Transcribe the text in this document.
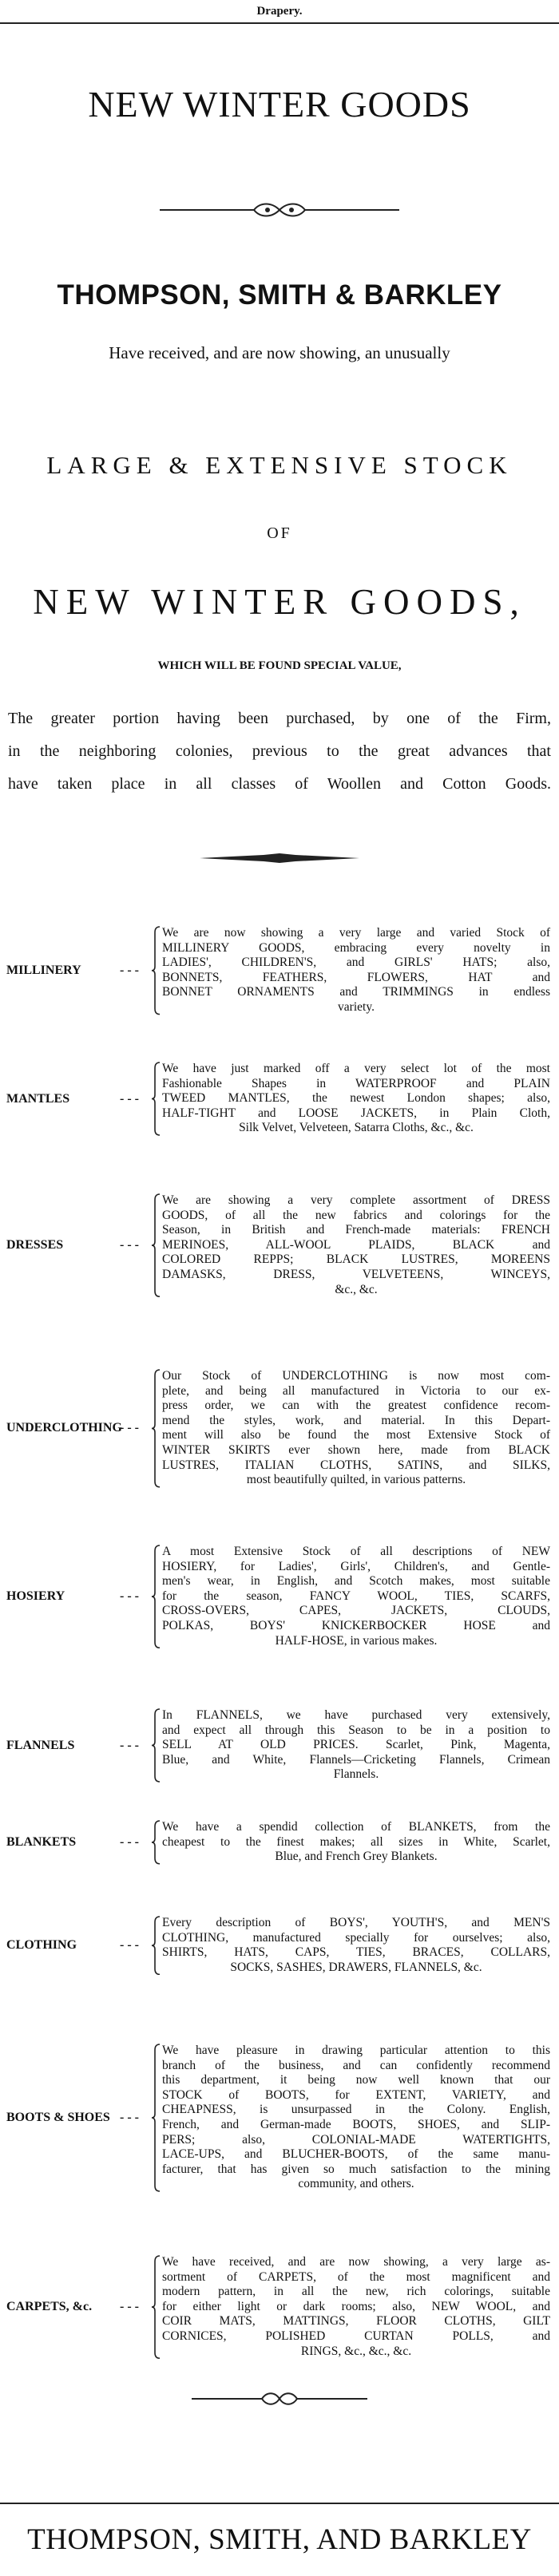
Drapery.
NEW WINTER GOODS
THOMPSON, SMITH & BARKLEY
Have received, and are now showing, an unusually
LARGE & EXTENSIVE STOCK
OF
NEW WINTER GOODS,
WHICH WILL BE FOUND SPECIAL VALUE,
The greater portion having been purchased, by one of the Firm,
in the neighboring colonies, previous to the great advances that
have taken place in all classes of Woollen and Cotton Goods.
MILLINERY	- - -
We are now showing a very large and varied Stock of
MILLINERY GOODS, embracing every novelty in
LADIES', CHILDREN'S, and GIRLS' HATS; also,
BONNETS, FEATHERS, FLOWERS, HAT and
BONNET ORNAMENTS and TRIMMINGS in endless
variety.
MANTLES	- - -
We have just marked off a very select lot of the most
Fashionable Shapes in WATERPROOF and PLAIN
TWEED MANTLES, the newest London shapes; also,
HALF-TIGHT and LOOSE JACKETS, in Plain Cloth,
Silk Velvet, Velveteen, Satarra Cloths, &c., &c.
DRESSES	- - -
We are showing a very complete assortment of DRESS
GOODS, of all the new fabrics and colorings for the
Season, in British and French-made materials: FRENCH
MERINOES, ALL-WOOL PLAIDS, BLACK and
COLORED REPPS; BLACK LUSTRES, MOREENS
DAMASKS, DRESS, VELVETEENS, WINCEYS,
&c., &c.
UNDERCLOTHING
- - -
Our Stock of UNDERCLOTHING is now most com-
plete, and being all manufactured in Victoria to our ex-
press order, we can with the greatest confidence recom-
mend the styles, work, and material. In this Depart-
ment will also be found the most Extensive Stock of
WINTER SKIRTS ever shown here, made from BLACK
LUSTRES, ITALIAN CLOTHS, SATINS, and SILKS,
most beautifully quilted, in various patterns.
HOSIERY	- - -
A most Extensive Stock of all descriptions of NEW
HOSIERY, for Ladies', Girls', Children's, and Gentle-
men's wear, in English, and Scotch makes, most suitable
for the season, FANCY WOOL, TIES, SCARFS,
CROSS-OVERS, CAPES, JACKETS, CLOUDS,
POLKAS, BOYS' KNICKERBOCKER HOSE and
HALF-HOSE, in various makes.
FLANNELS	- - -
In FLANNELS, we have purchased very extensively,
and expect all through this Season to be in a position to
SELL AT OLD PRICES. Scarlet, Pink, Magenta,
Blue, and White, Flannels—Cricketing Flannels, Crimean
Flannels.
BLANKETS	- - -
We have a spendid collection of BLANKETS, from the
cheapest to the finest makes; all sizes in White, Scarlet,
Blue, and French Grey Blankets.
CLOTHING	- - -
Every description of BOYS', YOUTH'S, and MEN'S
CLOTHING, manufactured specially for ourselves; also,
SHIRTS, HATS, CAPS, TIES, BRACES, COLLARS,
SOCKS, SASHES, DRAWERS, FLANNELS, &c.
BOOTS & SHOES - - -
We have pleasure in drawing particular attention to this
branch of the business, and can confidently recommend
this department, it being now well known that our
STOCK of BOOTS, for EXTENT, VARIETY, and
CHEAPNESS, is unsurpassed in the Colony. English,
French, and German-made BOOTS, SHOES, and SLIP-
PERS; also, COLONIAL-MADE WATERTIGHTS,
LACE-UPS, and BLUCHER-BOOTS, of the same manu-
facturer, that has given so much satisfaction to the mining
community, and others.
CARPETS, &c. - - -
We have received, and are now showing, a very large as-
sortment of CARPETS, of the most magnificent and
modern pattern, in all the new, rich colorings, suitable
for either light or dark rooms; also, NEW WOOL, and
COIR MATS, MATTINGS, FLOOR CLOTHS, GILT
CORNICES, POLISHED CURTAN POLLS, and
RINGS, &c., &c., &c.
THOMPSON, SMITH, AND BARKLEY
